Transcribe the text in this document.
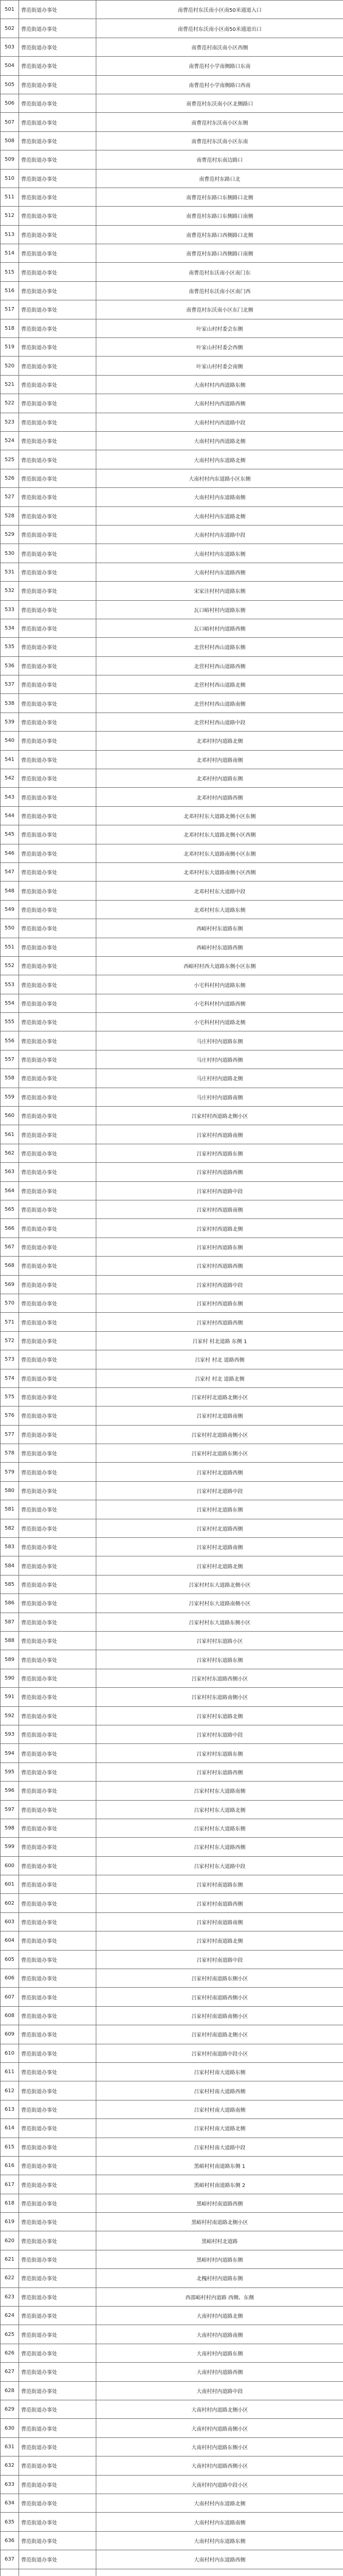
501	曹范街道办事处	南曹范村东沃南小区南50米通道入口
502	曹范街道办事处	南曹范村东沃南小区南50米通道出口
503	曹范街道办事处	南曹范村南沃南小区西侧
504	曹范街道办事处	南曹范村小学南侧路口东南
505	曹范街道办事处	南曹范村小学南侧路口西南
506	曹范街道办事处	南曹范村东沃南小区北侧路口
507	曹范街道办事处	南曹范村东沃南小区东侧
508	曹范街道办事处	南曹范村东沃南小区东南
509	曹范街道办事处	南曹范村东南边路口
510	曹范街道办事处	南曹范村东路口北
511	曹范街道办事处	南曹范村东路口东侧路口北侧
512	曹范街道办事处	南曹范村东路口东侧路口南侧
513	曹范街道办事处	南曹范村东路口西侧路口北侧
514	曹范街道办事处	南曹范村东路口西侧路口南侧
515	曹范街道办事处	南曹范村东沃南小区南门东
516	曹范街道办事处	南曹范村东沃南小区南门西
517	曹范街道办事处	南曹范村东沃南小区东门北侧
518	曹范街道办事处	叶家山村村委会东侧
519	曹范街道办事处	叶家山村村委会西侧
520	曹范街道办事处	叶家山村村委会南侧
521	曹范街道办事处	大南村村内西道路东侧
522	曹范街道办事处	大南村村内西道路西侧
523	曹范街道办事处	大南村村内西道路中段
524	曹范街道办事处	大南村村内西道路北侧
525	曹范街道办事处	大南村村内东道路北侧
526	曹范街道办事处	大南村村内东道路小区东侧
527	曹范街道办事处	大南村村内东道路南侧
528	曹范街道办事处	大南村村内东道路北侧
529	曹范街道办事处	大南村村内东道路中段
530	曹范街道办事处	大南村村内东道路东侧
531	曹范街道办事处	大南村村内东道路西侧
532	曹范街道办事处	宋家洼村村内道路东侧
533	曹范街道办事处	瓦口峪村村内道路东侧
534	曹范街道办事处	瓦口峪村村内道路西侧
535	曹范街道办事处	北营村村西山道路东侧
536	曹范街道办事处	北营村村西山道路西侧
537	曹范街道办事处	北营村村西山道路北侧
538	曹范街道办事处	北营村村西山道路南侧
539	曹范街道办事处	北营村村西山道路中段
540	曹范街道办事处	北邓村村内道路北侧
541	曹范街道办事处	北邓村村内道路南侧
542	曹范街道办事处	北邓村村内道路东侧
543	曹范街道办事处	北邓村村内道路西侧
544	曹范街道办事处	北邓村村东大道路北侧小区东侧
545	曹范街道办事处	北邓村村东大道路北侧小区西侧
546	曹范街道办事处	北邓村村东大道路南侧小区东侧
547	曹范街道办事处	北邓村村东大道路南侧小区西侧
548	曹范街道办事处	北邓村村东大道路中段
549	曹范街道办事处	北邓村村东大道路东侧
550	曹范街道办事处	西峪村村东道路东侧
551	曹范街道办事处	西峪村村东道路西侧
552	曹范街道办事处	西峪村村西大道路东侧小区东侧
553	曹范街道办事处	小宅科村村内道路东侧
554	曹范街道办事处	小宅科村村内道路西侧
555	曹范街道办事处	小宅科村村内道路北侧
556	曹范街道办事处	马庄村村内道路东侧
557	曹范街道办事处	马庄村村内道路西侧
558	曹范街道办事处	马庄村村内道路北侧
559	曹范街道办事处	马庄村村内道路南侧
560	曹范街道办事处	吕家村村西道路北侧小区
561	曹范街道办事处	吕家村村西道路南侧
562	曹范街道办事处	吕家村村西道路东侧
563	曹范街道办事处	吕家村村西道路西侧
564	曹范街道办事处	吕家村村西道路中段
565	曹范街道办事处	吕家村村西道路南侧
566	曹范街道办事处	吕家村村西道路北侧
567	曹范街道办事处	吕家村村西道路东侧
568	曹范街道办事处	吕家村村西道路西侧
569	曹范街道办事处	吕家村村西道路中段
570	曹范街道办事处	吕家村村西道路东侧
571	曹范街道办事处	吕家村村西道路西侧
572	曹范街道办事处	吕家村 村北道路 东侧 1
573	曹范街道办事处	吕家村 村北 道路西侧
574	曹范街道办事处	吕家村 村北 道路北侧
575	曹范街道办事处	吕家村村北道路北侧小区
576	曹范街道办事处	吕家村村北道路南侧
577	曹范街道办事处	吕家村村北道路南侧小区
578	曹范街道办事处	吕家村村北道路东侧小区
579	曹范街道办事处	吕家村村北道路西侧
580	曹范街道办事处	吕家村村北道路中段
581	曹范街道办事处	吕家村村北道路东侧
582	曹范街道办事处	吕家村村北道路西侧
583	曹范街道办事处	吕家村村北道路南侧
584	曹范街道办事处	吕家村村北道路北侧
585	曹范街道办事处	吕家村村东大道路北侧小区
586	曹范街道办事处	吕家村村东大道路南侧小区
587	曹范街道办事处	吕家村村东大道路东侧小区
588	曹范街道办事处	吕家村村东道路小区
589	曹范街道办事处	吕家村村东道路东侧
590	曹范街道办事处	吕家村村东道路西侧小区
591	曹范街道办事处	吕家村村东道路南侧小区
592	曹范街道办事处	吕家村村东道路北侧
593	曹范街道办事处	吕家村村东道路中段
594	曹范街道办事处	吕家村村东道路东侧
595	曹范街道办事处	吕家村村东道路西侧
596	曹范街道办事处	吕家村村东大道路南侧
597	曹范街道办事处	吕家村村东大道路北侧
598	曹范街道办事处	吕家村村东大道路东侧
599	曹范街道办事处	吕家村村东大道路西侧
600	曹范街道办事处	吕家村村东大道路中段
601	曹范街道办事处	吕家村村南道路东侧
602	曹范街道办事处	吕家村村南道路西侧
603	曹范街道办事处	吕家村村南道路南侧
604	曹范街道办事处	吕家村村南道路北侧
605	曹范街道办事处	吕家村村南道路中段
606	曹范街道办事处	吕家村村南道路东侧小区
607	曹范街道办事处	吕家村村南道路西侧小区
608	曹范街道办事处	吕家村村南道路南侧小区
609	曹范街道办事处	吕家村村南道路北侧小区
610	曹范街道办事处	吕家村村南道路中段小区
611	曹范街道办事处	吕家村村南大道路东侧
612	曹范街道办事处	吕家村村南大道路西侧
613	曹范街道办事处	吕家村村南大道路南侧
614	曹范街道办事处	吕家村村南大道路北侧
615	曹范街道办事处	吕家村村南大道路中段
616	曹范街道办事处	黑峪村村南道路东侧 1
617	曹范街道办事处	黑峪村村南道路东侧 2
618	曹范街道办事处	黑峪村村南道路西侧
619	曹范街道办事处	黑峪村村南道路北侧小区
620	曹范街道办事处	黑峪村村北道路
621	曹范街道办事处	黑峪村村内道路东侧
622	曹范街道办事处	北槐村村内道路东侧
623	曹范街道办事处	西邵峪村村内道路 西侧、东侧
624	曹范街道办事处	大南村村内道路北侧
625	曹范街道办事处	大南村村内道路南侧
626	曹范街道办事处	大南村村内道路东侧
627	曹范街道办事处	大南村村内道路西侧
628	曹范街道办事处	大南村村内道路中段
629	曹范街道办事处	大南村村内道路北侧小区
630	曹范街道办事处	大南村村内道路南侧小区
631	曹范街道办事处	大南村村内道路东侧小区
632	曹范街道办事处	大南村村内道路西侧小区
633	曹范街道办事处	大南村村内道路中段小区
634	曹范街道办事处	大南村村内东道路北侧
635	曹范街道办事处	大南村村内东道路南侧
636	曹范街道办事处	大南村村内东道路东侧
637	曹范街道办事处	大南村村内东道路西侧
